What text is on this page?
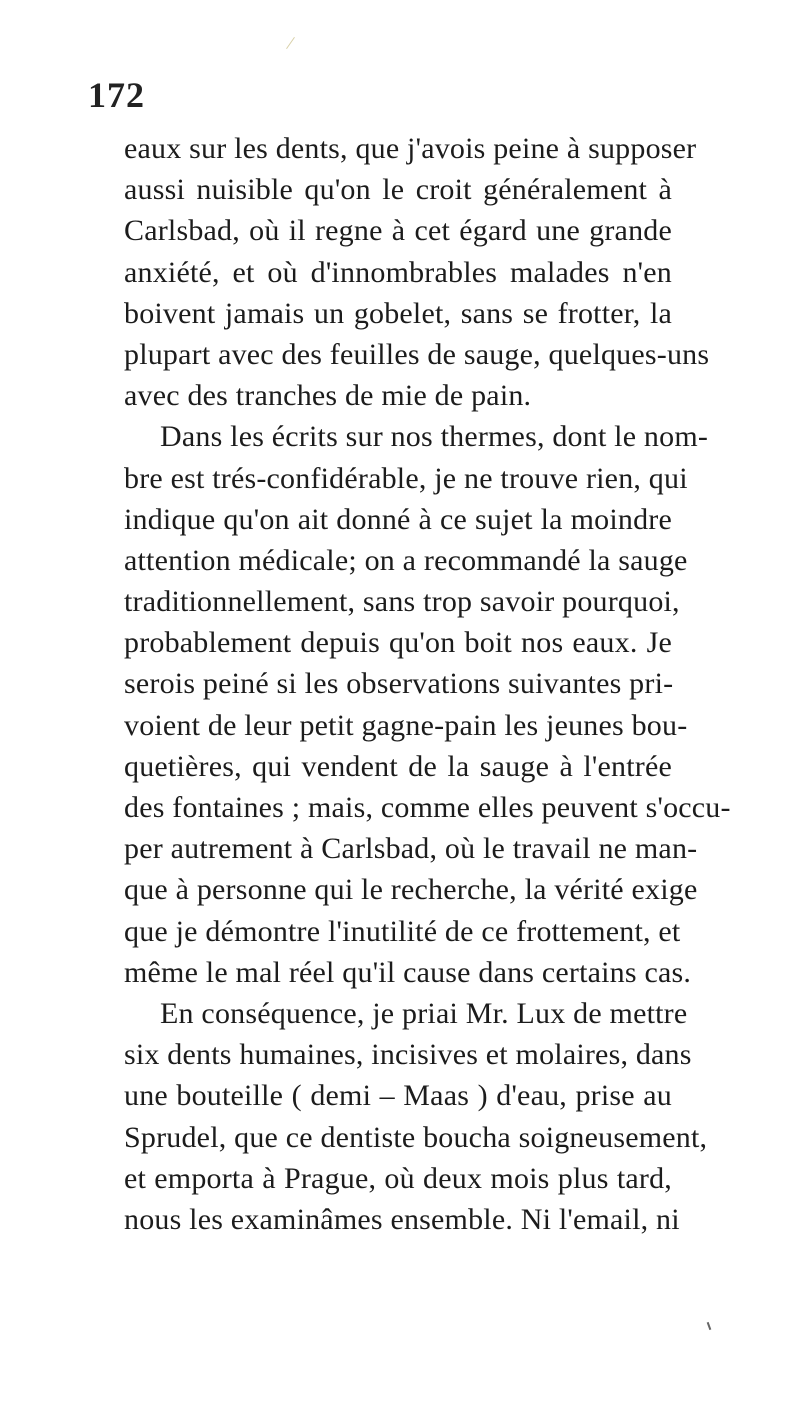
172
eaux sur les dents, que j'avois peine à supposer
aussi nuisible qu'on le croit généralement à
Carlsbad, où il regne à cet égard une grande
anxiété, et où d'innombrables malades n'en
boivent jamais un gobelet, sans se frotter, la
plupart avec des feuilles de sauge, quelques-uns
avec des tranches de mie de pain.
Dans les écrits sur nos thermes, dont le nom-
bre est trés-confidérable, je ne trouve rien, qui
indique qu'on ait donné à ce sujet la moindre
attention médicale; on a recommandé la sauge
traditionnellement, sans trop savoir pourquoi,
probablement depuis qu'on boit nos eaux. Je
serois peiné si les observations suivantes pri-
voient de leur petit gagne-pain les jeunes bou-
quetières, qui vendent de la sauge à l'entrée
des fontaines ; mais, comme elles peuvent s'occu-
per autrement à Carlsbad, où le travail ne man-
que à personne qui le recherche, la vérité exige
que je démontre l'inutilité de ce frottement, et
même le mal réel qu'il cause dans certains cas.
En conséquence, je priai Mr. Lux de mettre
six dents humaines, incisives et molaires, dans
une bouteille ( demi – Maas ) d'eau, prise au
Sprudel, que ce dentiste boucha soigneusement,
et emporta à Prague, où deux mois plus tard,
nous les examinâmes ensemble. Ni l'email, ni
